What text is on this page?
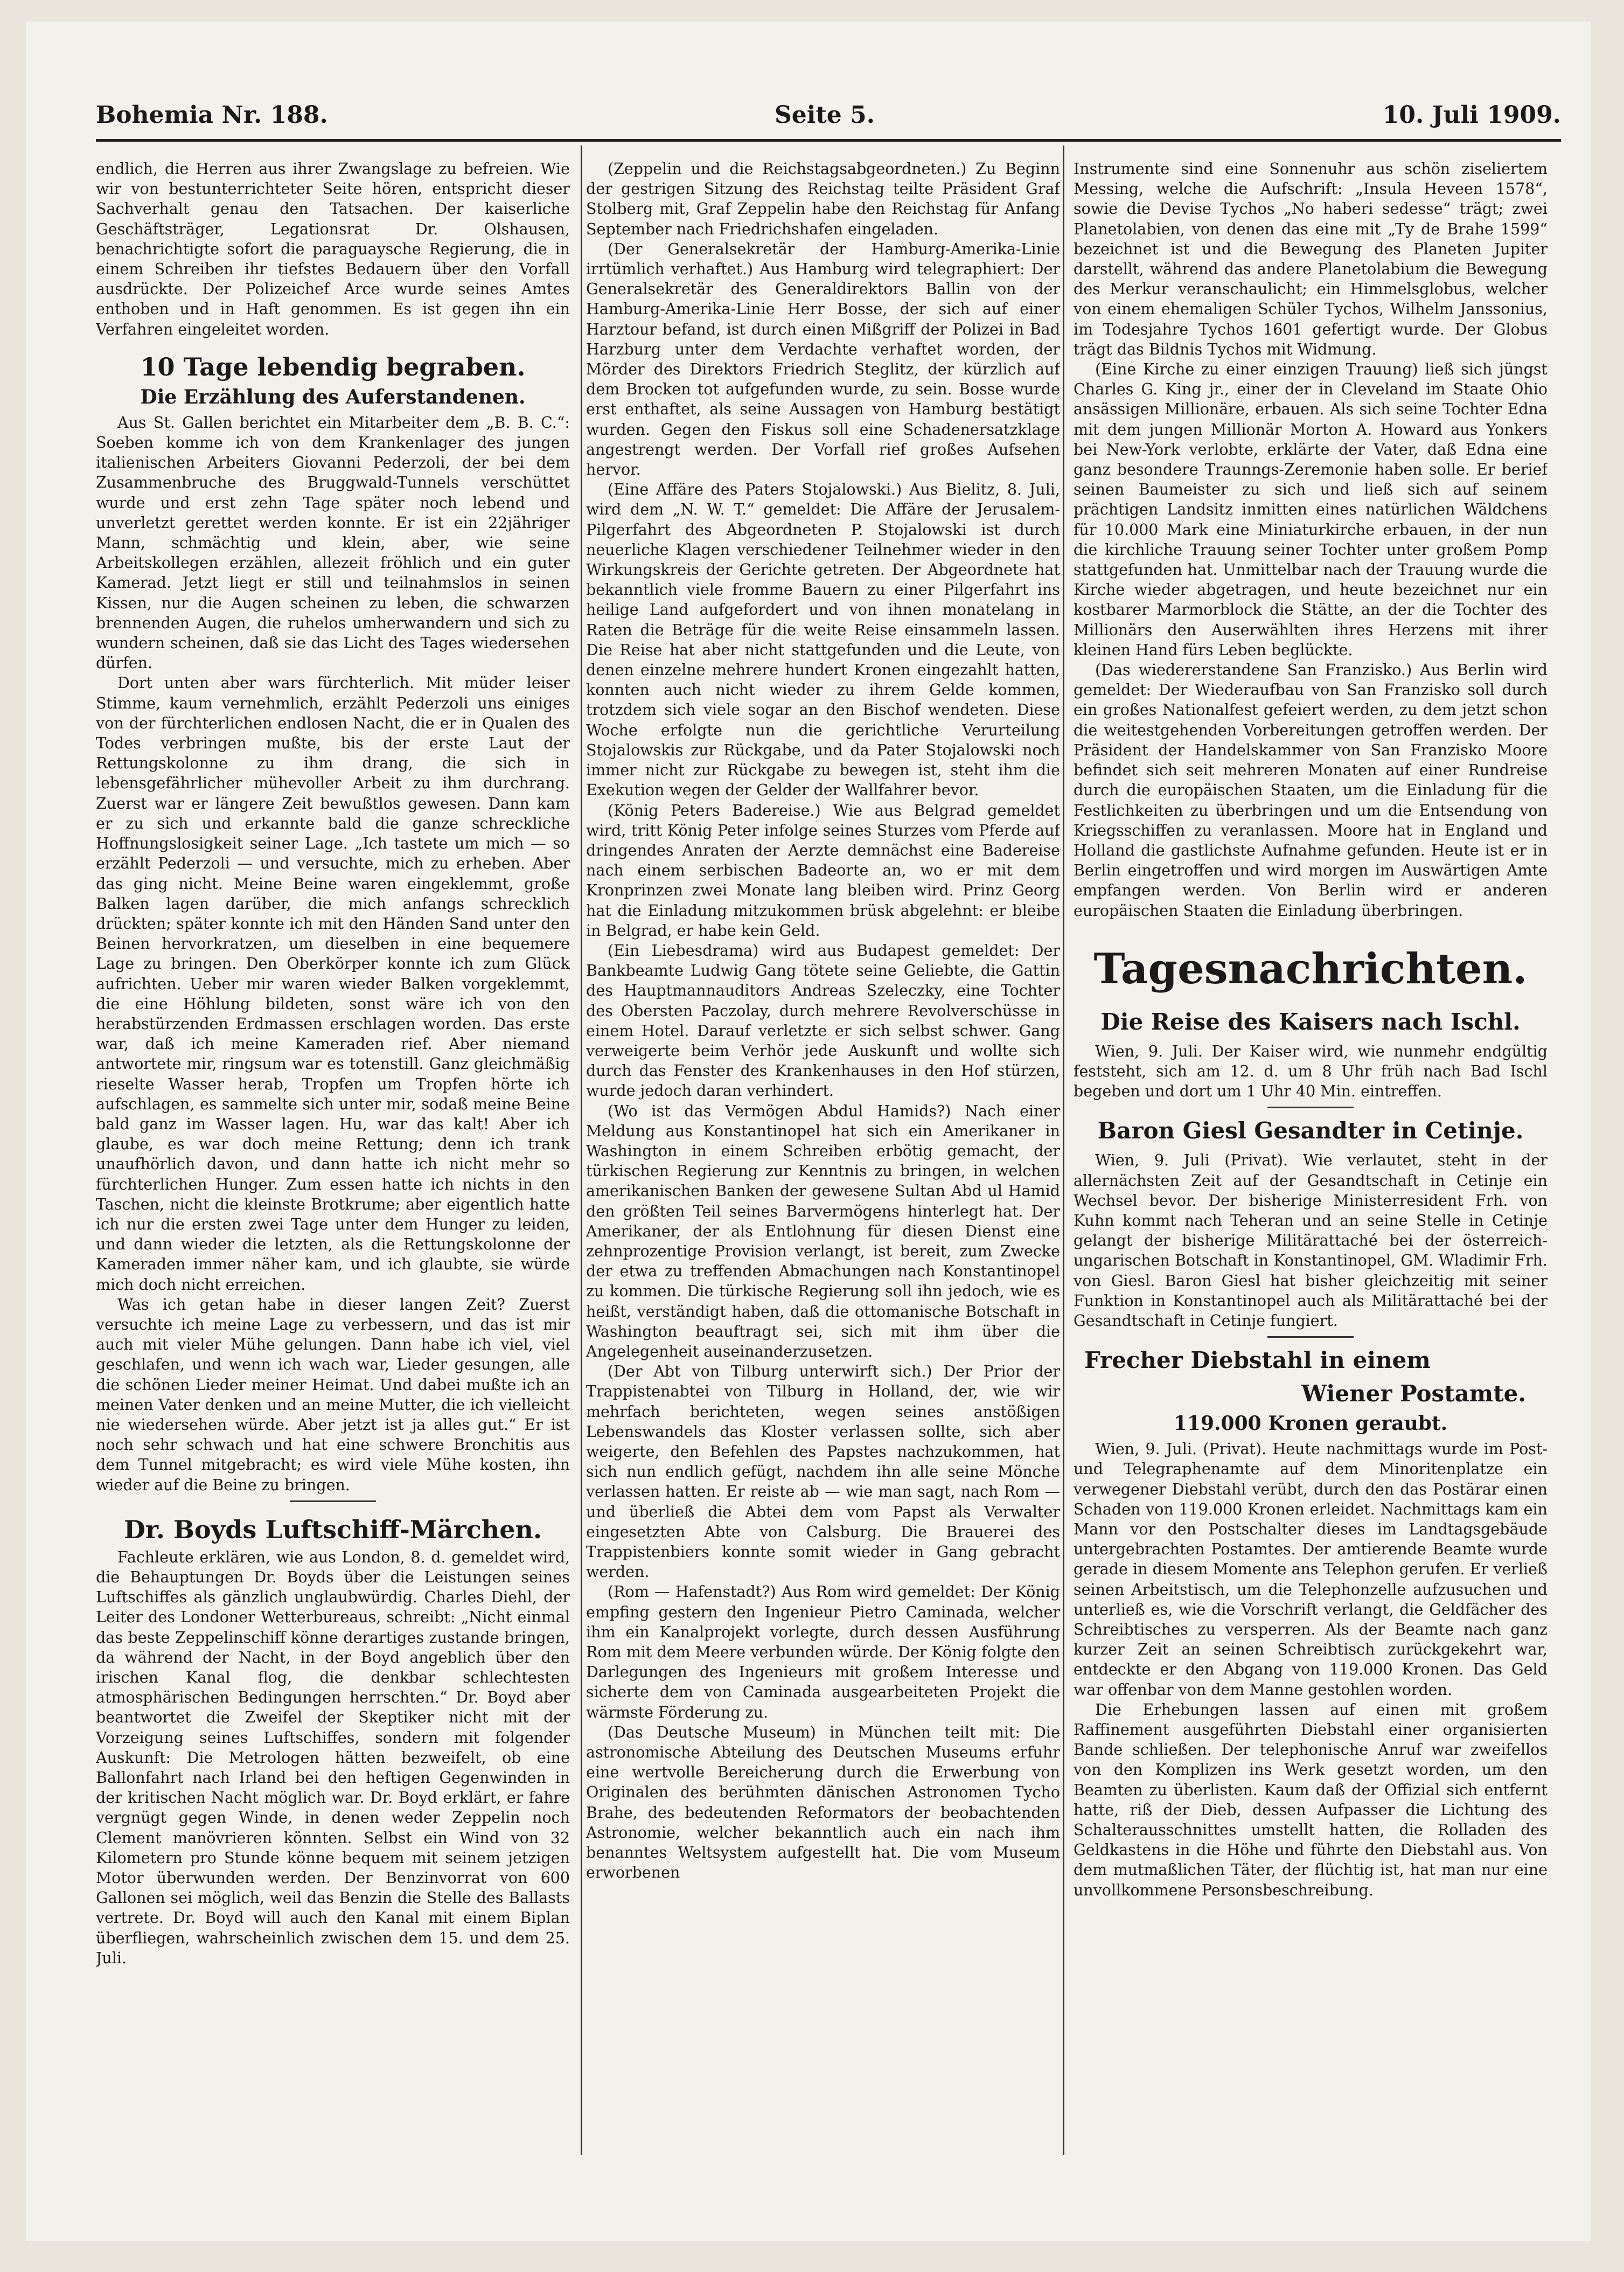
Bohemia Nr. 188.	Seite 5.	10. Juli 1909.

endlich, die Herren aus ihrer Zwangslage zu befreien. Wie wir von bestunterrichteter Seite hören, entspricht dieser Sachverhalt genau den Tatsachen. Der kaiserliche Geschäftsträger, Legationsrat Dr. Olshausen, benachrichtigte sofort die paraguaysche Regierung, die in einem Schreiben ihr tiefstes Bedauern über den Vorfall ausdrückte. Der Polizeichef Arce wurde seines Amtes enthoben und in Haft genommen. Es ist gegen ihn ein Verfahren eingeleitet worden.

10 Tage lebendig begraben.
Die Erzählung des Auferstandenen.

Aus St. Gallen berichtet ein Mitarbeiter dem „B. B. C.“: Soeben komme ich von dem Krankenlager des jungen italienischen Arbeiters Giovanni Pederzoli, der bei dem Zusammenbruche des Bruggwald-Tunnels verschüttet wurde und erst zehn Tage später noch lebend und unverletzt gerettet werden konnte. Er ist ein 22jähriger Mann, schmächtig und klein, aber, wie seine Arbeitskollegen erzählen, allezeit fröhlich und ein guter Kamerad. Jetzt liegt er still und teilnahmslos in seinen Kissen, nur die Augen scheinen zu leben, die schwarzen brennenden Augen, die ruhelos umherwandern und sich zu wundern scheinen, daß sie das Licht des Tages wiedersehen dürfen.

Dort unten aber wars fürchterlich. Mit müder leiser Stimme, kaum vernehmlich, erzählt Pederzoli uns einiges von der fürchterlichen endlosen Nacht, die er in Qualen des Todes verbringen mußte, bis der erste Laut der Rettungskolonne zu ihm drang, die sich in lebensgefährlicher mühevoller Arbeit zu ihm durchrang. Zuerst war er längere Zeit bewußtlos gewesen. Dann kam er zu sich und erkannte bald die ganze schreckliche Hoffnungslosigkeit seiner Lage. „Ich tastete um mich — so erzählt Pederzoli — und versuchte, mich zu erheben. Aber das ging nicht. Meine Beine waren eingeklemmt, große Balken lagen darüber, die mich anfangs schrecklich drückten; später konnte ich mit den Händen Sand unter den Beinen hervorkratzen, um dieselben in eine bequemere Lage zu bringen. Den Oberkörper konnte ich zum Glück aufrichten. Ueber mir waren wieder Balken vorgeklemmt, die eine Höhlung bildeten, sonst wäre ich von den herabstürzenden Erdmassen erschlagen worden. Das erste war, daß ich meine Kameraden rief. Aber niemand antwortete mir, ringsum war es totenstill. Ganz gleichmäßig rieselte Wasser herab, Tropfen um Tropfen hörte ich aufschlagen, es sammelte sich unter mir, sodaß meine Beine bald ganz im Wasser lagen. Hu, war das kalt! Aber ich glaube, es war doch meine Rettung; denn ich trank unaufhörlich davon, und dann hatte ich nicht mehr so fürchterlichen Hunger. Zum essen hatte ich nichts in den Taschen, nicht die kleinste Brotkrume; aber eigentlich hatte ich nur die ersten zwei Tage unter dem Hunger zu leiden, und dann wieder die letzten, als die Rettungskolonne der Kameraden immer näher kam, und ich glaubte, sie würde mich doch nicht erreichen.

Was ich getan habe in dieser langen Zeit? Zuerst versuchte ich meine Lage zu verbessern, und das ist mir auch mit vieler Mühe gelungen. Dann habe ich viel, viel geschlafen, und wenn ich wach war, Lieder gesungen, alle die schönen Lieder meiner Heimat. Und dabei mußte ich an meinen Vater denken und an meine Mutter, die ich vielleicht nie wiedersehen würde. Aber jetzt ist ja alles gut.“ Er ist noch sehr schwach und hat eine schwere Bronchitis aus dem Tunnel mitgebracht; es wird viele Mühe kosten, ihn wieder auf die Beine zu bringen.

Dr. Boyds Luftschiff-Märchen.

Fachleute erklären, wie aus London, 8. d. gemeldet wird, die Behauptungen Dr. Boyds über die Leistungen seines Luftschiffes als gänzlich unglaubwürdig. Charles Diehl, der Leiter des Londoner Wetterbureaus, schreibt: „Nicht einmal das beste Zeppelinschiff könne derartiges zustande bringen, da während der Nacht, in der Boyd angeblich über den irischen Kanal flog, die denkbar schlechtesten atmosphärischen Bedingungen herrschten.“ Dr. Boyd aber beantwortet die Zweifel der Skeptiker nicht mit der Vorzeigung seines Luftschiffes, sondern mit folgender Auskunft: Die Metrologen hätten bezweifelt, ob eine Ballonfahrt nach Irland bei den heftigen Gegenwinden in der kritischen Nacht möglich war. Dr. Boyd erklärt, er fahre vergnügt gegen Winde, in denen weder Zeppelin noch Clement manövrieren könnten. Selbst ein Wind von 32 Kilometern pro Stunde könne bequem mit seinem jetzigen Motor überwunden werden. Der Benzinvorrat von 600 Gallonen sei möglich, weil das Benzin die Stelle des Ballasts vertrete. Dr. Boyd will auch den Kanal mit einem Biplan überfliegen, wahrscheinlich zwischen dem 15. und dem 25. Juli.

(Zeppelin und die Reichstagsabgeordneten.) Zu Beginn der gestrigen Sitzung des Reichstag teilte Präsident Graf Stolberg mit, Graf Zeppelin habe den Reichstag für Anfang September nach Friedrichshafen eingeladen.

(Der Generalsekretär der Hamburg-Amerika-Linie irrtümlich verhaftet.) Aus Hamburg wird telegraphiert: Der Generalsekretär des Generaldirektors Ballin von der Hamburg-Amerika-Linie Herr Bosse, der sich auf einer Harztour befand, ist durch einen Mißgriff der Polizei in Bad Harzburg unter dem Verdachte verhaftet worden, der Mörder des Direktors Friedrich Steglitz, der kürzlich auf dem Brocken tot aufgefunden wurde, zu sein. Bosse wurde erst enthaftet, als seine Aussagen von Hamburg bestätigt wurden. Gegen den Fiskus soll eine Schadenersatzklage angestrengt werden. Der Vorfall rief großes Aufsehen hervor.

(Eine Affäre des Paters Stojalowski.) Aus Bielitz, 8. Juli, wird dem „N. W. T.“ gemeldet: Die Affäre der Jerusalem-Pilgerfahrt des Abgeordneten P. Stojalowski ist durch neuerliche Klagen verschiedener Teilnehmer wieder in den Wirkungskreis der Gerichte getreten. Der Abgeordnete hat bekanntlich viele fromme Bauern zu einer Pilgerfahrt ins heilige Land aufgefordert und von ihnen monatelang in Raten die Beträge für die weite Reise einsammeln lassen. Die Reise hat aber nicht stattgefunden und die Leute, von denen einzelne mehrere hundert Kronen eingezahlt hatten, konnten auch nicht wieder zu ihrem Gelde kommen, trotzdem sich viele sogar an den Bischof wendeten. Diese Woche erfolgte nun die gerichtliche Verurteilung Stojalowskis zur Rückgabe, und da Pater Stojalowski noch immer nicht zur Rückgabe zu bewegen ist, steht ihm die Exekution wegen der Gelder der Wallfahrer bevor.

(König Peters Badereise.) Wie aus Belgrad gemeldet wird, tritt König Peter infolge seines Sturzes vom Pferde auf dringendes Anraten der Aerzte demnächst eine Badereise nach einem serbischen Badeorte an, wo er mit dem Kronprinzen zwei Monate lang bleiben wird. Prinz Georg hat die Einladung mitzukommen brüsk abgelehnt: er bleibe in Belgrad, er habe kein Geld.

(Ein Liebesdrama) wird aus Budapest gemeldet: Der Bankbeamte Ludwig Gang tötete seine Geliebte, die Gattin des Hauptmannauditors Andreas Szeleczky, eine Tochter des Obersten Paczolay, durch mehrere Revolverschüsse in einem Hotel. Darauf verletzte er sich selbst schwer. Gang verweigerte beim Verhör jede Auskunft und wollte sich durch das Fenster des Krankenhauses in den Hof stürzen, wurde jedoch daran verhindert.

(Wo ist das Vermögen Abdul Hamids?) Nach einer Meldung aus Konstantinopel hat sich ein Amerikaner in Washington in einem Schreiben erbötig gemacht, der türkischen Regierung zur Kenntnis zu bringen, in welchen amerikanischen Banken der gewesene Sultan Abd ul Hamid den größten Teil seines Barvermögens hinterlegt hat. Der Amerikaner, der als Entlohnung für diesen Dienst eine zehnprozentige Provision verlangt, ist bereit, zum Zwecke der etwa zu treffenden Abmachungen nach Konstantinopel zu kommen. Die türkische Regierung soll ihn jedoch, wie es heißt, verständigt haben, daß die ottomanische Botschaft in Washington beauftragt sei, sich mit ihm über die Angelegenheit auseinanderzusetzen.

(Der Abt von Tilburg unterwirft sich.) Der Prior der Trappistenabtei von Tilburg in Holland, der, wie wir mehrfach berichteten, wegen seines anstößigen Lebenswandels das Kloster verlassen sollte, sich aber weigerte, den Befehlen des Papstes nachzukommen, hat sich nun endlich gefügt, nachdem ihn alle seine Mönche verlassen hatten. Er reiste ab — wie man sagt, nach Rom — und überließ die Abtei dem vom Papst als Verwalter eingesetzten Abte von Calsburg. Die Brauerei des Trappistenbiers konnte somit wieder in Gang gebracht werden.

(Rom — Hafenstadt?) Aus Rom wird gemeldet: Der König empfing gestern den Ingenieur Pietro Caminada, welcher ihm ein Kanalprojekt vorlegte, durch dessen Ausführung Rom mit dem Meere verbunden würde. Der König folgte den Darlegungen des Ingenieurs mit großem Interesse und sicherte dem von Caminada ausgearbeiteten Projekt die wärmste Förderung zu.

(Das Deutsche Museum) in München teilt mit: Die astronomische Abteilung des Deutschen Museums erfuhr eine wertvolle Bereicherung durch die Erwerbung von Originalen des berühmten dänischen Astronomen Tycho Brahe, des bedeutenden Reformators der beobachtenden Astronomie, welcher bekanntlich auch ein nach ihm benanntes Weltsystem aufgestellt hat. Die vom Museum erworbenen

Instrumente sind eine Sonnenuhr aus schön ziseliertem Messing, welche die Aufschrift: „Insula Heveen 1578“, sowie die Devise Tychos „No haberi sedesse“ trägt; zwei Planetolabien, von denen das eine mit „Ty de Brahe 1599“ bezeichnet ist und die Bewegung des Planeten Jupiter darstellt, während das andere Planetolabium die Bewegung des Merkur veranschaulicht; ein Himmelsglobus, welcher von einem ehemaligen Schüler Tychos, Wilhelm Janssonius, im Todesjahre Tychos 1601 gefertigt wurde. Der Globus trägt das Bildnis Tychos mit Widmung.

(Eine Kirche zu einer einzigen Trauung) ließ sich jüngst Charles G. King jr., einer der in Cleveland im Staate Ohio ansässigen Millionäre, erbauen. Als sich seine Tochter Edna mit dem jungen Millionär Morton A. Howard aus Yonkers bei New-York verlobte, erklärte der Vater, daß Edna eine ganz besondere Traunngs-Zeremonie haben solle. Er berief seinen Baumeister zu sich und ließ sich auf seinem prächtigen Landsitz inmitten eines natürlichen Wäldchens für 10.000 Mark eine Miniaturkirche erbauen, in der nun die kirchliche Trauung seiner Tochter unter großem Pomp stattgefunden hat. Unmittelbar nach der Trauung wurde die Kirche wieder abgetragen, und heute bezeichnet nur ein kostbarer Marmorblock die Stätte, an der die Tochter des Millionärs den Auserwählten ihres Herzens mit ihrer kleinen Hand fürs Leben beglückte.

(Das wiedererstandene San Franzisko.) Aus Berlin wird gemeldet: Der Wiederaufbau von San Franzisko soll durch ein großes Nationalfest gefeiert werden, zu dem jetzt schon die weitestgehenden Vorbereitungen getroffen werden. Der Präsident der Handelskammer von San Franzisko Moore befindet sich seit mehreren Monaten auf einer Rundreise durch die europäischen Staaten, um die Einladung für die Festlichkeiten zu überbringen und um die Entsendung von Kriegsschiffen zu veranlassen. Moore hat in England und Holland die gastlichste Aufnahme gefunden. Heute ist er in Berlin eingetroffen und wird morgen im Auswärtigen Amte empfangen werden. Von Berlin wird er anderen europäischen Staaten die Einladung überbringen.

Tagesnachrichten.
Die Reise des Kaisers nach Ischl.

Wien, 9. Juli. Der Kaiser wird, wie nunmehr endgültig feststeht, sich am 12. d. um 8 Uhr früh nach Bad Ischl begeben und dort um 1 Uhr 40 Min. eintreffen.

Baron Giesl Gesandter in Cetinje.

Wien, 9. Juli (Privat). Wie verlautet, steht in der allernächsten Zeit auf der Gesandtschaft in Cetinje ein Wechsel bevor. Der bisherige Ministerresident Frh. von Kuhn kommt nach Teheran und an seine Stelle in Cetinje gelangt der bisherige Militärattaché bei der österreich-ungarischen Botschaft in Konstantinopel, GM. Wladimir Frh. von Giesl. Baron Giesl hat bisher gleichzeitig mit seiner Funktion in Konstantinopel auch als Militärattaché bei der Gesandtschaft in Cetinje fungiert.

Frecher Diebstahl in einem
Wiener Postamte.
119.000 Kronen geraubt.

Wien, 9. Juli. (Privat). Heute nachmittags wurde im Post- und Telegraphenamte auf dem Minoritenplatze ein verwegener Diebstahl verübt, durch den das Postärar einen Schaden von 119.000 Kronen erleidet. Nachmittags kam ein Mann vor den Postschalter dieses im Landtagsgebäude untergebrachten Postamtes. Der amtierende Beamte wurde gerade in diesem Momente ans Telephon gerufen. Er verließ seinen Arbeitstisch, um die Telephonzelle aufzusuchen und unterließ es, wie die Vorschrift verlangt, die Geldfächer des Schreibtisches zu versperren. Als der Beamte nach ganz kurzer Zeit an seinen Schreibtisch zurückgekehrt war, entdeckte er den Abgang von 119.000 Kronen. Das Geld war offenbar von dem Manne gestohlen worden.

Die Erhebungen lassen auf einen mit großem Raffinement ausgeführten Diebstahl einer organisierten Bande schließen. Der telephonische Anruf war zweifellos von den Komplizen ins Werk gesetzt worden, um den Beamten zu überlisten. Kaum daß der Offizial sich entfernt hatte, riß der Dieb, dessen Aufpasser die Lichtung des Schalterausschnittes umstellt hatten, die Rolladen des Geldkastens in die Höhe und führte den Diebstahl aus. Von dem mutmaßlichen Täter, der flüchtig ist, hat man nur eine unvollkommene Personsbeschreibung.
